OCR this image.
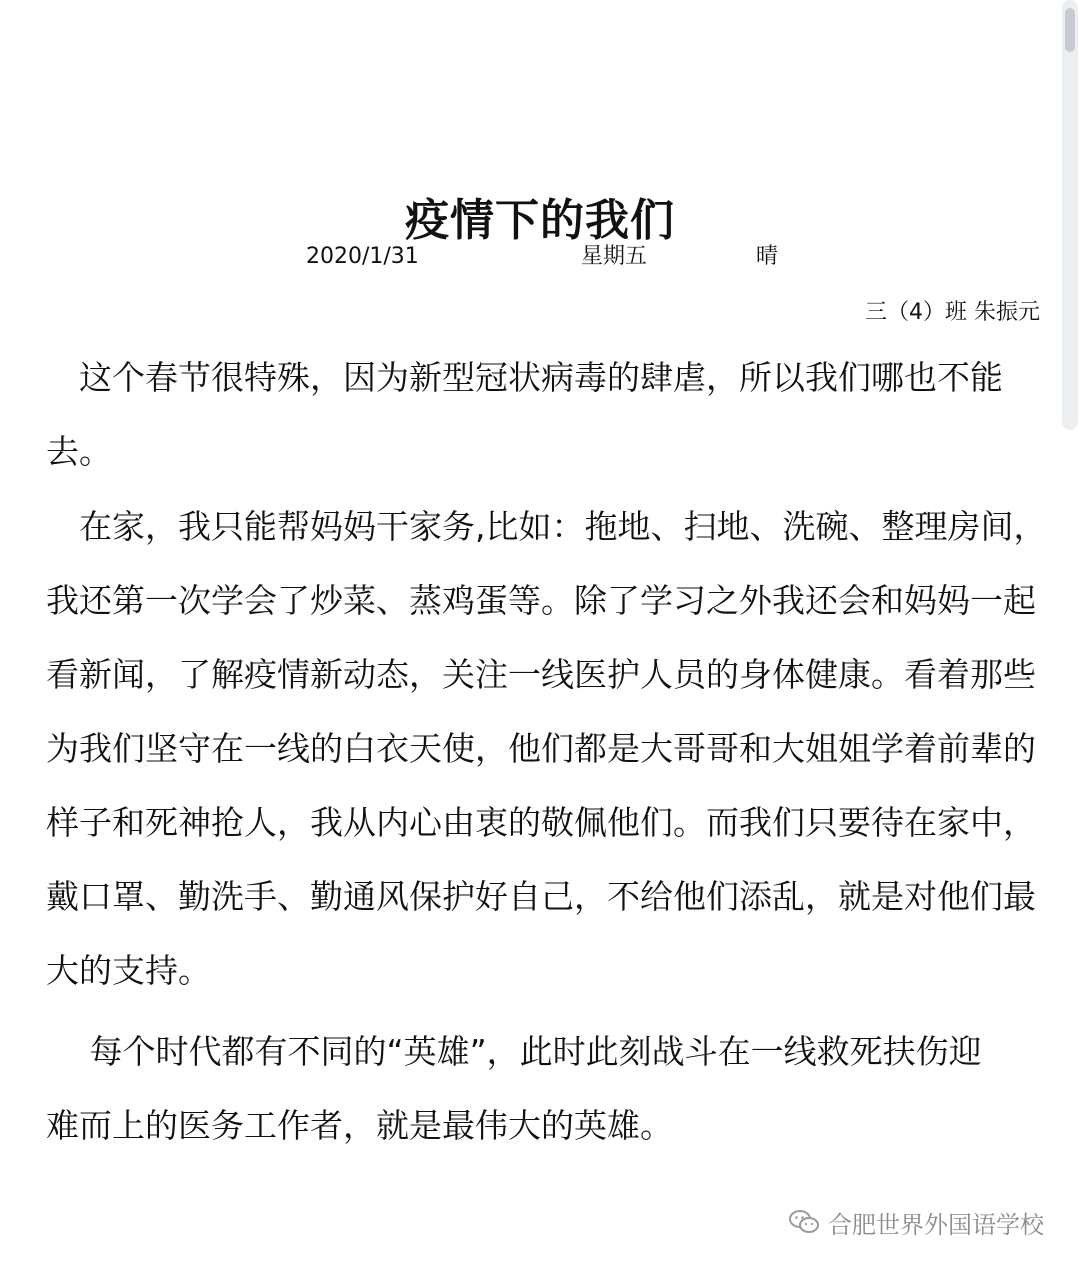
疫情下的我们
2020/1/31	星期五	晴
三（4）班 朱振元

　这个春节很特殊，因为新型冠状病毒的肆虐，所以我们哪也不能
去。

　在家，我只能帮妈妈干家务,比如：拖地、扫地、洗碗、整理房间，
我还第一次学会了炒菜、蒸鸡蛋等。除了学习之外我还会和妈妈一起
看新闻，了解疫情新动态，关注一线医护人员的身体健康。看着那些
为我们坚守在一线的白衣天使，他们都是大哥哥和大姐姐学着前辈的
样子和死神抢人，我从内心由衷的敬佩他们。而我们只要待在家中，
戴口罩、勤洗手、勤通风保护好自己，不给他们添乱，就是对他们最
大的支持。

　 每个时代都有不同的“英雄”，此时此刻战斗在一线救死扶伤迎
难而上的医务工作者，就是最伟大的英雄。

合肥世界外国语学校
